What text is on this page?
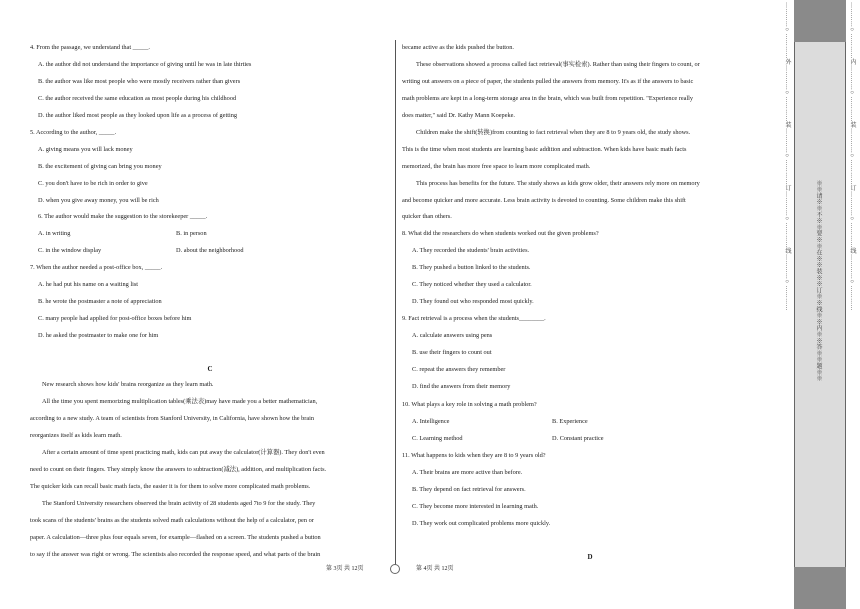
4. From the passage, we understand that _____.
A. the author did not understand the importance of giving until he was in late thirties
B. the author was like most people who were mostly receivers rather than givers
C. the author received the same education as most people during his childhood
D. the author liked most people as they looked upon life as a process of getting
5. According to the author, _____.
A. giving means you will lack money
B. the excitement of giving can bring you money
C. you don't have to be rich in order to give
D. when you give away money, you will be rich
6. The author would make the suggestion to the storekeeper _____.
A. in writing
C. in the window display
7. When the author needed a post-office box, _____.
A. he had put his name on a waiting list
B. he wrote the postmaster a note of appreciation
C. many people had applied for post-office boxes before him
D. he asked the postmaster to make one for him
B. in person
D. about the neighborhood
C
New research shows how kids' brains reorganize as they learn math.
All the time you spent memorizing multiplication tables(乘法表)may have made you a better mathematician,
according to a new study. A team of scientists from Stanford University, in California, have shown how the brain
reorganizes itself as kids learn math.
After a certain amount of time spent practicing math, kids can put away the calculator(计算器). They don't even
need to count on their fingers. They simply know the answers to subtraction(减法), addition, and multiplication facts.
The quicker kids can recall basic math facts, the easier it is for them to solve more complicated math problems.
The Stanford University researchers observed the brain activity of 28 students aged 7to 9 for the study. They
took scans of the students' brains as the students solved math calculations without the help of a calculator, pen or
paper. A calculation—three plus four equals seven, for example—flashed on a screen. The students pushed a button
to say if the answer was right or wrong. The scientists also recorded the response speed, and what parts of the brain
第 3页 共 12页
became active as the kids pushed the button.
These observations showed a process called fact retrieval(事实检索). Rather than using their fingers to count, or
writing out answers on a piece of paper, the students pulled the answers from memory. It's as if the answers to basic
math problems are kept in a long-term storage area in the brain, which was built from repetition. "Experience really
does matter," said Dr. Kathy Mann Koepeke.
Children make the shift(转换)from counting to fact retrieval when they are 8 to 9 years old, the study shows.
This is the time when most students are learning basic addition and subtraction. When kids have basic math facts
memorized, the brain has more free space to learn more complicated math.
This process has benefits for the future. The study shows as kids grow older, their answers rely more on memory
and become quicker and more accurate. Less brain activity is devoted to counting. Some children make this shift
quicker than others.
8. What did the researchers do when students worked out the given problems?
A. They recorded the students' brain activities.
B. They pushed a button linked to the students.
C. They noticed whether they used a calculator.
D. They found out who responded most quickly.
9. Fact retrieval is a process when the students________.
A. calculate answers using pens
B. use their fingers to count out
C. repeat the answers they remember
D. find the answers from their memory
10. What plays a key role in solving a math problem?
A. Intelligence
C. Learning method
11. What happens to kids when they are 8 to 9 years old?
A. Their brains are more active than before.
B. They depend on fact retrieval for answers.
C. They become more interested in learning math.
D. They work out complicated problems more quickly.
B. Experience
D. Constant practice
D
第 4页 共 12页
…………○…………外…………○…………装…………○…………订…………○…………线…………○…………	※※请※※不※※要※※在※※装※※订※※线※※内※※答※※题※※	…………○…………内…………○…………装…………○…………订…………○…………线…………○…………
